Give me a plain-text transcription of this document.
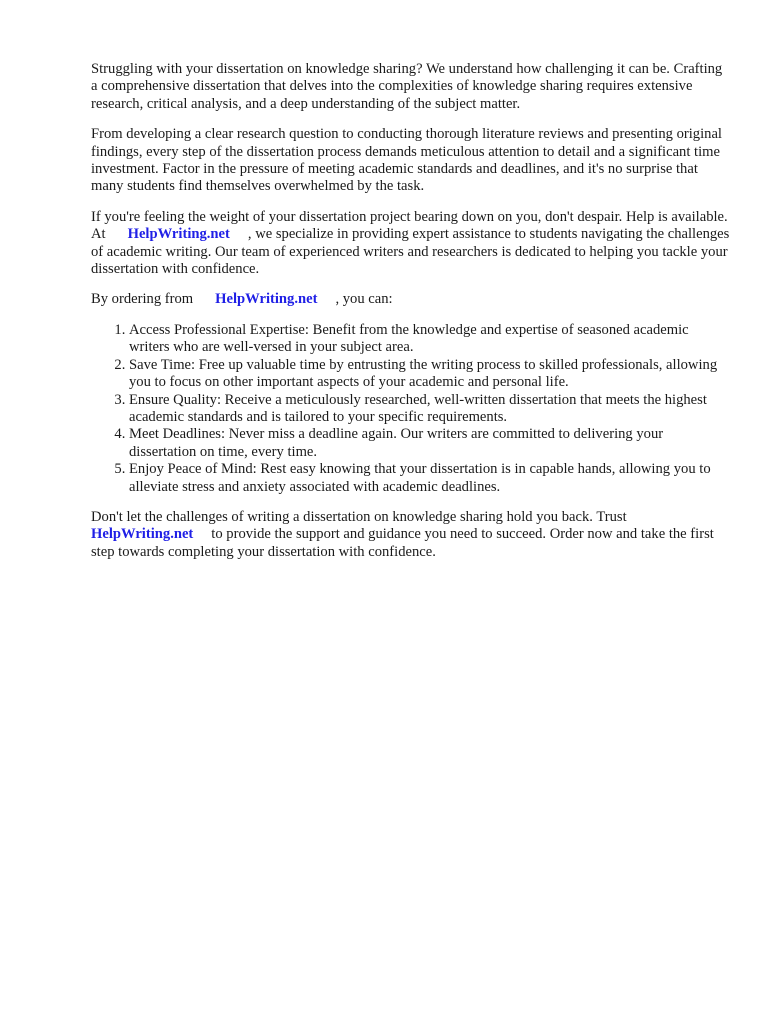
Struggling with your dissertation on knowledge sharing? We understand how challenging it can be. Crafting a comprehensive dissertation that delves into the complexities of knowledge sharing requires extensive research, critical analysis, and a deep understanding of the subject matter.

From developing a clear research question to conducting thorough literature reviews and presenting original findings, every step of the dissertation process demands meticulous attention to detail and a significant time investment. Factor in the pressure of meeting academic standards and deadlines, and it's no surprise that many students find themselves overwhelmed by the task.

If you're feeling the weight of your dissertation project bearing down on you, don't despair. Help is available. At HelpWriting.net , we specialize in providing expert assistance to students navigating the challenges of academic writing. Our team of experienced writers and researchers is dedicated to helping you tackle your dissertation with confidence.

By ordering from HelpWriting.net , you can:

1. Access Professional Expertise: Benefit from the knowledge and expertise of seasoned academic writers who are well-versed in your subject area.
2. Save Time: Free up valuable time by entrusting the writing process to skilled professionals, allowing you to focus on other important aspects of your academic and personal life.
3. Ensure Quality: Receive a meticulously researched, well-written dissertation that meets the highest academic standards and is tailored to your specific requirements.
4. Meet Deadlines: Never miss a deadline again. Our writers are committed to delivering your dissertation on time, every time.
5. Enjoy Peace of Mind: Rest easy knowing that your dissertation is in capable hands, allowing you to alleviate stress and anxiety associated with academic deadlines.

Don't let the challenges of writing a dissertation on knowledge sharing hold you back. Trust
HelpWriting.net to provide the support and guidance you need to succeed. Order now and take the first step towards completing your dissertation with confidence.
